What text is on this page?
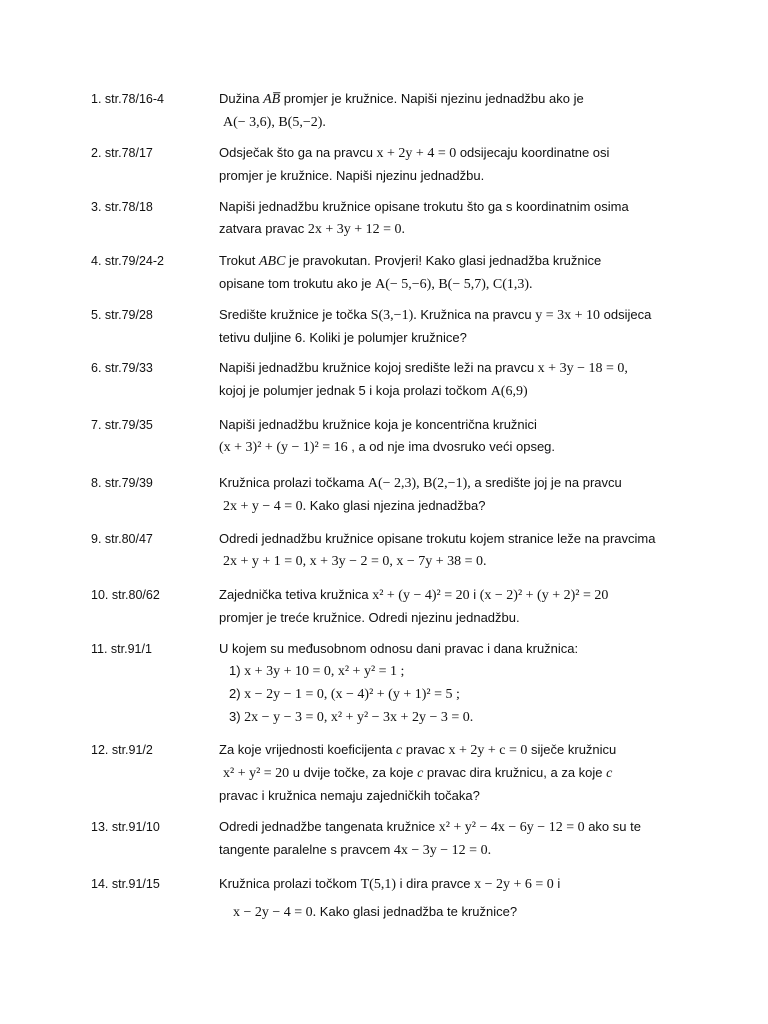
1. str.78/16-4	Dužina AB̅̅ promjer je kružnice. Napiši njezinu jednadžbu ako je
A(− 3,6), B(5,−2).
2. str.78/17	Odsječak što ga na pravcu x + 2y + 4 = 0 odsijecaju koordinatne osi
promjer je kružnice. Napiši njezinu jednadžbu.
3. str.78/18	Napiši jednadžbu kružnice opisane trokutu što ga s koordinatnim osima
zatvara pravac 2x + 3y + 12 = 0.
4. str.79/24-2	Trokut ABC je pravokutan. Provjeri! Kako glasi jednadžba kružnice
opisane tom trokutu ako je A(− 5,−6), B(− 5,7), C(1,3).
5. str.79/28	Središte kružnice je točka S(3,−1). Kružnica na pravcu y = 3x + 10 odsijeca
tetivu duljine 6. Koliki je polumjer kružnice?
6. str.79/33	Napiši jednadžbu kružnice kojoj središte leži na pravcu x + 3y − 18 = 0,
kojoj je polumjer jednak 5 i koja prolazi točkom A(6,9)
7. str.79/35	Napiši jednadžbu kružnice koja je koncentrična kružnici
(x + 3)² + (y − 1)² = 16 , a od nje ima dvosruko veći opseg.
8. str.79/39	Kružnica prolazi točkama A(− 2,3), B(2,−1), a središte joj je na pravcu
2x + y − 4 = 0. Kako glasi njezina jednadžba?
9. str.80/47	Odredi jednadžbu kružnice opisane trokutu kojem stranice leže na pravcima
2x + y + 1 = 0, x + 3y − 2 = 0, x − 7y + 38 = 0.
10. str.80/62	Zajednička tetiva kružnica x² + (y − 4)² = 20 i (x − 2)² + (y + 2)² = 20
promjer je treće kružnice. Odredi njezinu jednadžbu.
11. str.91/1	U kojem su međusobnom odnosu dani pravac i dana kružnica:
1) x + 3y + 10 = 0, x² + y² = 1 ;
2) x − 2y − 1 = 0, (x − 4)² + (y + 1)² = 5 ;
3) 2x − y − 3 = 0, x² + y² − 3x + 2y − 3 = 0.
12. str.91/2	Za koje vrijednosti koeficijenta c pravac x + 2y + c = 0 siječe kružnicu
x² + y² = 20 u dvije točke, za koje c pravac dira kružnicu, a za koje c
pravac i kružnica nemaju zajedničkih točaka?
13. str.91/10	Odredi jednadžbe tangenata kružnice x² + y² − 4x − 6y − 12 = 0 ako su te
tangente paralelne s pravcem 4x − 3y − 12 = 0.
14. str.91/15	Kružnica prolazi točkom T(5,1) i dira pravce x − 2y + 6 = 0 i
x − 2y − 4 = 0. Kako glasi jednadžba te kružnice?
